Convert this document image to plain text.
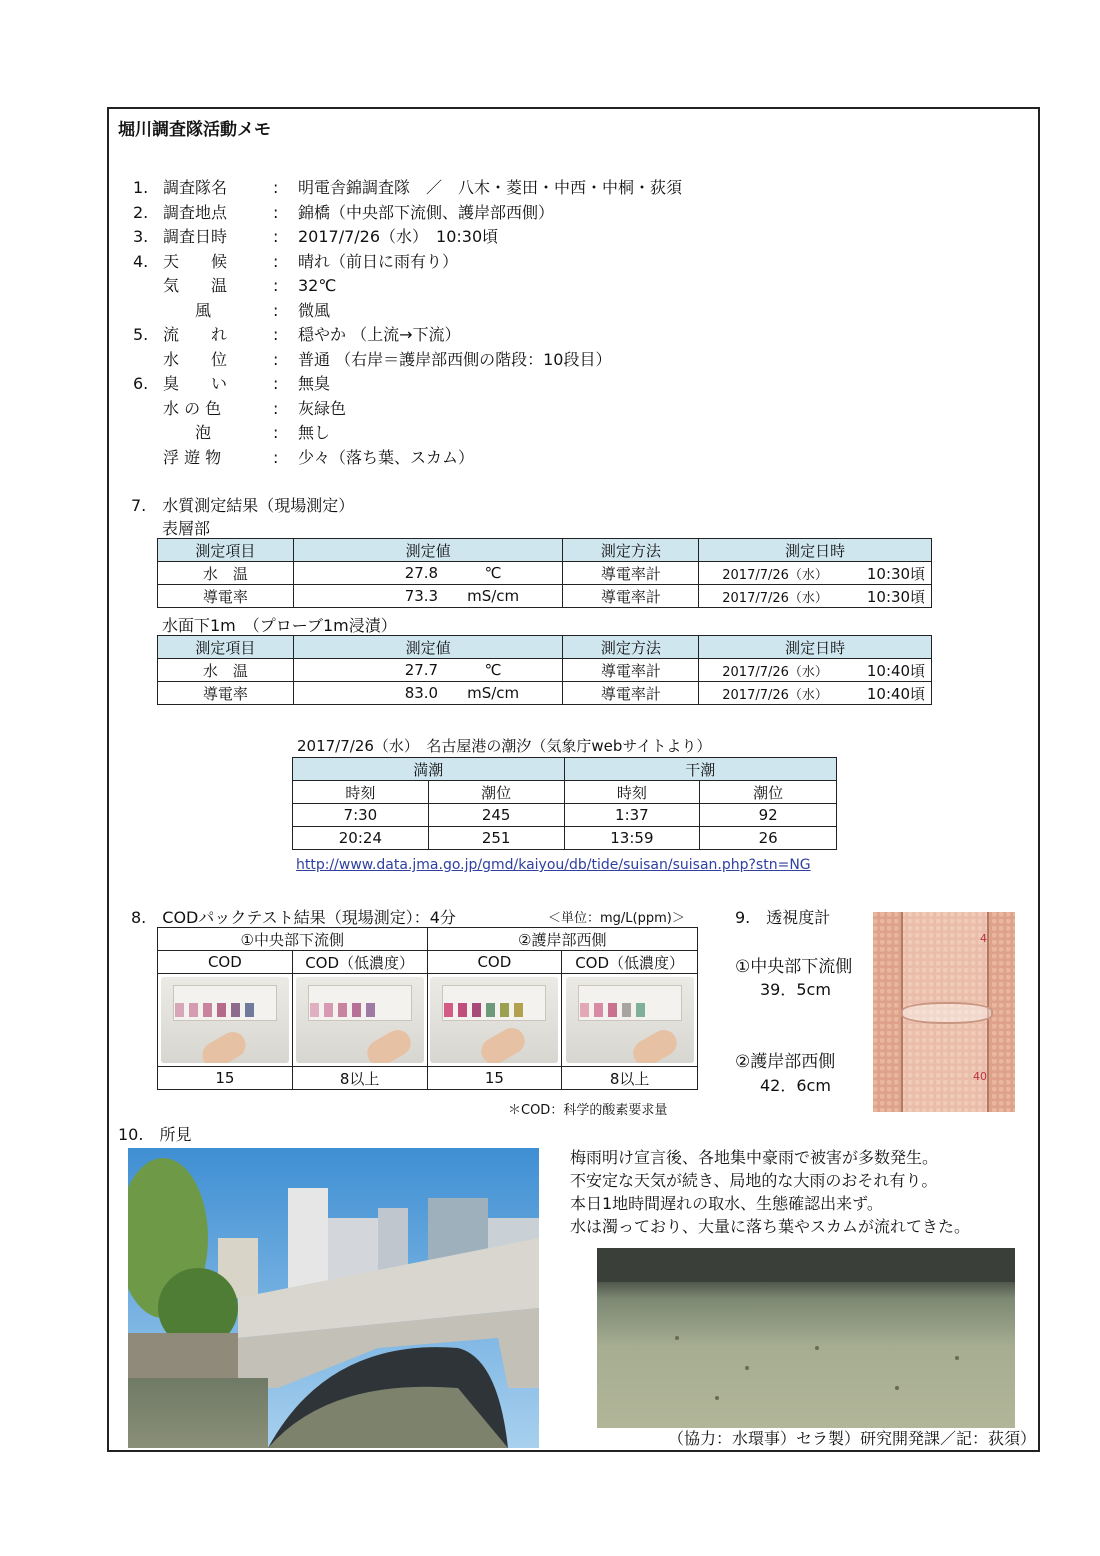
堀川調査隊活動メモ
1. 調査隊名	: 明電舎錦調査隊　／　八木・菱田・中西・中桐・荻須
2. 調査地点	: 錦橋（中央部下流側、護岸部西側）
3. 調査日時	: 2017/7/26（水）　10:30頃
4. 天　　候	: 晴れ（前日に雨有り）
気　　温	: 32℃
　　風	: 微風
5. 流　　れ	: 穏やか （上流→下流）
水　　位	: 普通 （右岸＝護岸部西側の階段：10段目）
6. 臭　　い	: 無臭
水 の 色	: 灰緑色
　　泡	: 無し
浮 遊 物	: 少々（落ち葉、スカム）
7.　水質測定結果（現場測定）
表層部
測定項目	測定値	測定方法	測定日時
水　温	27.8 ℃	導電率計	2017/7/26（水） 10:30頃
導電率	73.3 mS/cm	導電率計	2017/7/26（水） 10:30頃
水面下1m　（プローブ1m浸漬）
測定項目	測定値	測定方法	測定日時
水　温	27.7 ℃	導電率計	2017/7/26（水） 10:40頃
導電率	83.0 mS/cm	導電率計	2017/7/26（水） 10:40頃
2017/7/26（水）　名古屋港の潮汐（気象庁webサイトより）
満潮		干潮	
時刻	潮位	時刻	潮位
7:30	245	1:37	92
20:24	251	13:59	26
http://www.data.jma.go.jp/gmd/kaiyou/db/tide/suisan/suisan.php?stn=NG
8.　CODパックテスト結果（現場測定）：4分	＜単位：mg/L(ppm)＞
①中央部下流側		②護岸部西側	
COD	COD（低濃度）	COD	COD（低濃度）

15	8以上	15	8以上
＊COD：科学的酸素要求量
9.　透視度計
①中央部下流側
39．5cm
②護岸部西側
42．6cm
4
40
10.　所見
梅雨明け宣言後、各地集中豪雨で被害が多数発生。
不安定な天気が続き、局地的な大雨のおそれ有り。
本日1地時間遅れの取水、生態確認出来ず。
水は濁っており、大量に落ち葉やスカムが流れてきた。
（協力：水環事）セラ製）研究開発課／記：荻須）
